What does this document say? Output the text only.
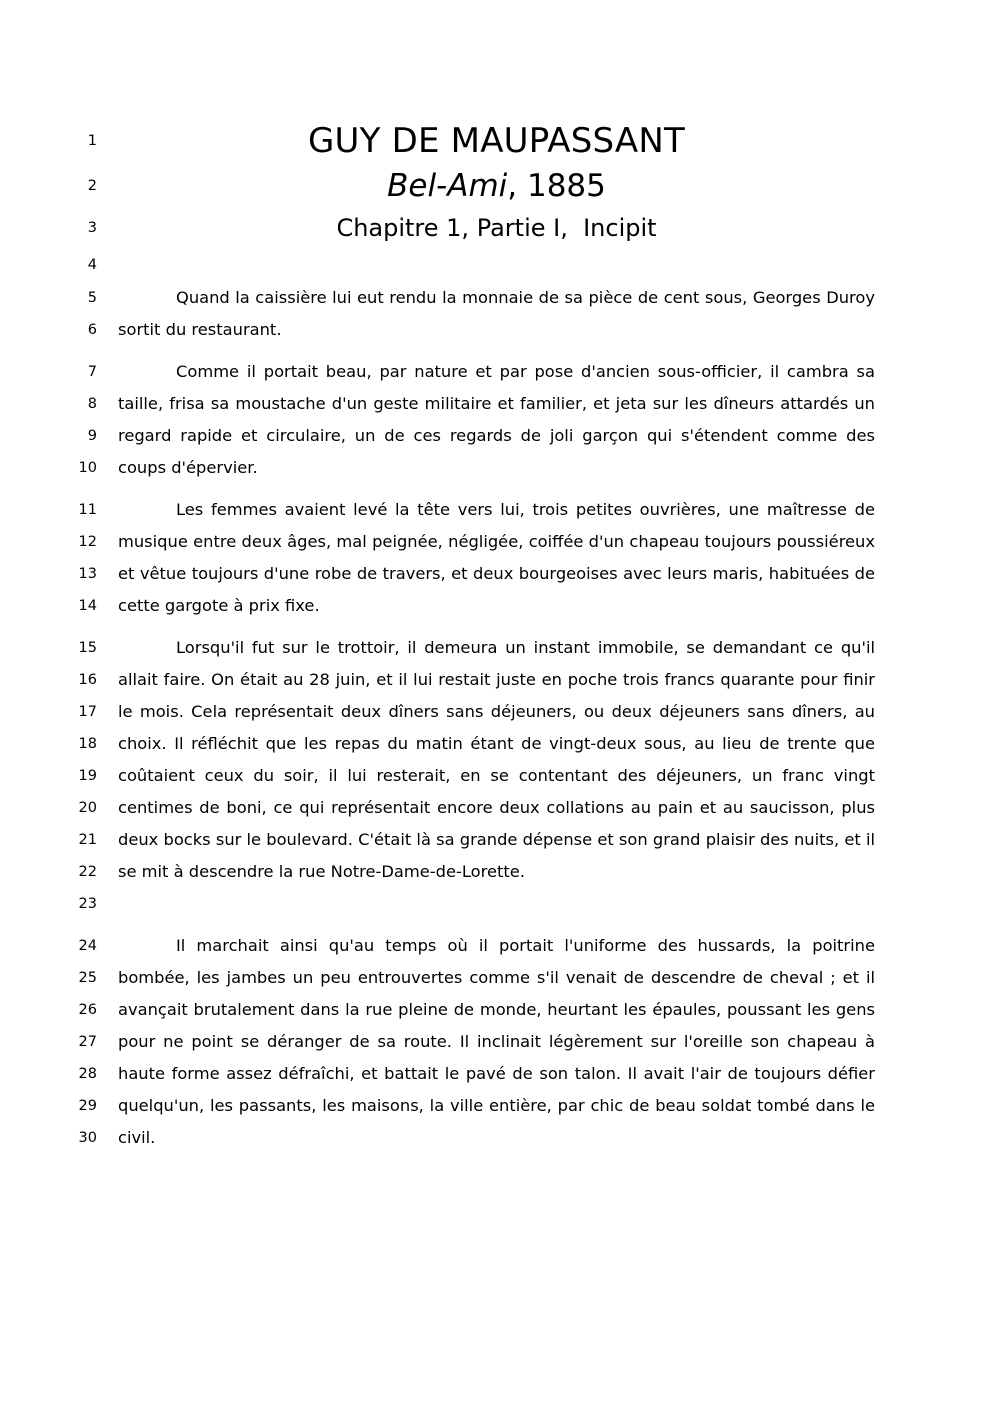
1	GUY DE MAUPASSANT
2	Bel-Ami, 1885
3	Chapitre 1, Partie I,  Incipit
4

5
6
Quand la caissière lui eut rendu la monnaie de sa pièce de cent sous, Georges Duroy sortit du restaurant.
7
8
9
10
Comme il portait beau, par nature et par pose d'ancien sous-officier, il cambra sa taille, frisa sa moustache d'un geste militaire et familier, et jeta sur les dîneurs attardés un regard rapide et circulaire, un de ces regards de joli garçon qui s'étendent comme des coups d'épervier.
11
12
13
14
Les femmes avaient levé la tête vers lui, trois petites ouvrières, une maîtresse de musique entre deux âges, mal peignée, négligée, coiffée d'un chapeau toujours poussiéreux et vêtue toujours d'une robe de travers, et deux bourgeoises avec leurs maris, habituées de cette gargote à prix fixe.
15
16
17
18
19
20
21
22
23
Lorsqu'il fut sur le trottoir, il demeura un instant immobile, se demandant ce qu'il allait faire. On était au 28 juin, et il lui restait juste en poche trois francs quarante pour finir le mois. Cela représentait deux dîners sans déjeuners, ou deux déjeuners sans dîners, au choix. Il réfléchit que les repas du matin étant de vingt-deux sous, au lieu de trente que coûtaient ceux du soir, il lui resterait, en se contentant des déjeuners, un franc vingt centimes de boni, ce qui représentait encore deux collations au pain et au saucisson, plus deux bocks sur le boulevard. C'était là sa grande dépense et son grand plaisir des nuits, et il se mit à descendre la rue Notre-Dame-de-Lorette.
24
25
26
27
28
29
30
Il marchait ainsi qu'au temps où il portait l'uniforme des hussards, la poitrine bombée, les jambes un peu entrouvertes comme s'il venait de descendre de cheval ; et il avançait brutalement dans la rue pleine de monde, heurtant les épaules, poussant les gens pour ne point se déranger de sa route. Il inclinait légèrement sur l'oreille son chapeau à haute forme assez défraîchi, et battait le pavé de son talon. Il avait l'air de toujours défier quelqu'un, les passants, les maisons, la ville entière, par chic de beau soldat tombé dans le civil.
